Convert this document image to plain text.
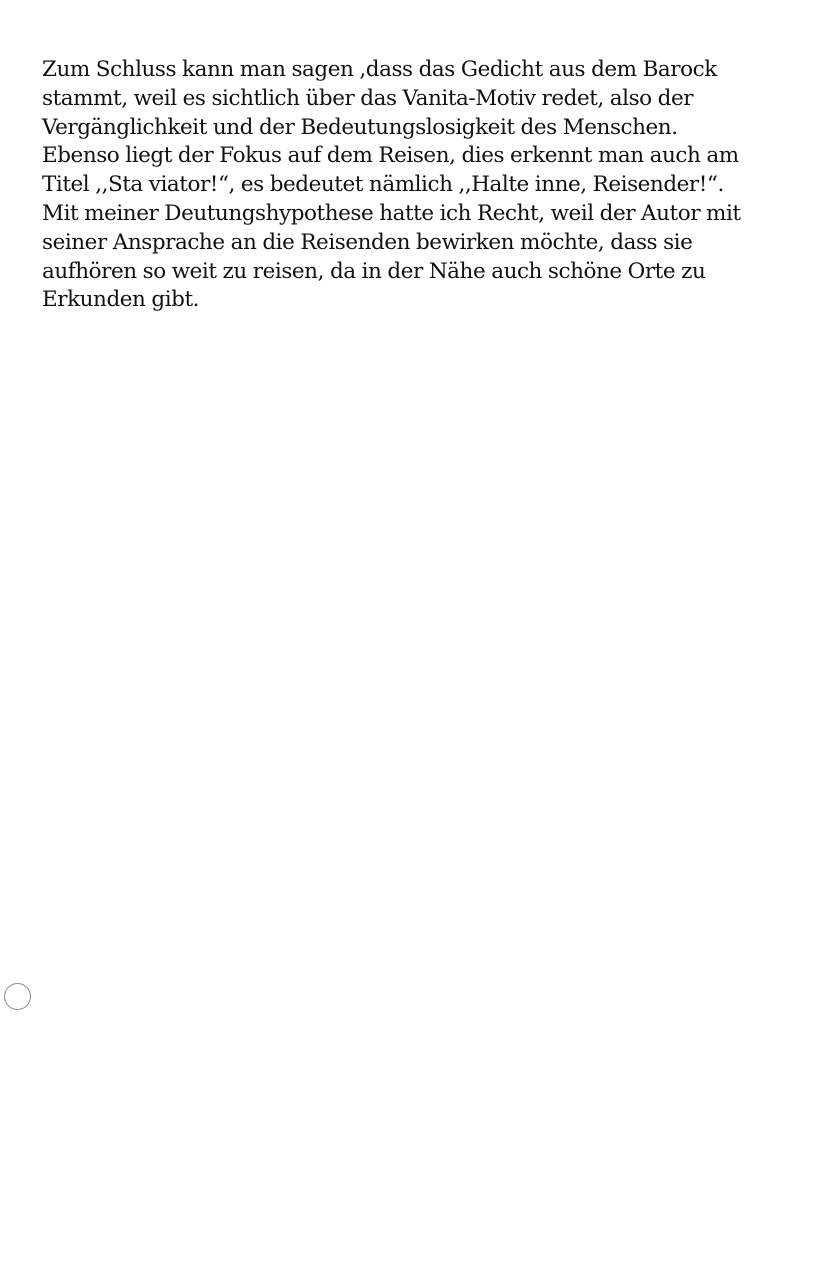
Zum Schluss kann man sagen ,dass das Gedicht aus dem Barock
stammt, weil es sichtlich über das Vanita-Motiv redet, also der
Vergänglichkeit und der Bedeutungslosigkeit des Menschen.
Ebenso liegt der Fokus auf dem Reisen, dies erkennt man auch am
Titel ,,Sta viator!“, es bedeutet nämlich ,,Halte inne, Reisender!“.
Mit meiner Deutungshypothese hatte ich Recht, weil der Autor mit
seiner Ansprache an die Reisenden bewirken möchte, dass sie
aufhören so weit zu reisen, da in der Nähe auch schöne Orte zu
Erkunden gibt.
